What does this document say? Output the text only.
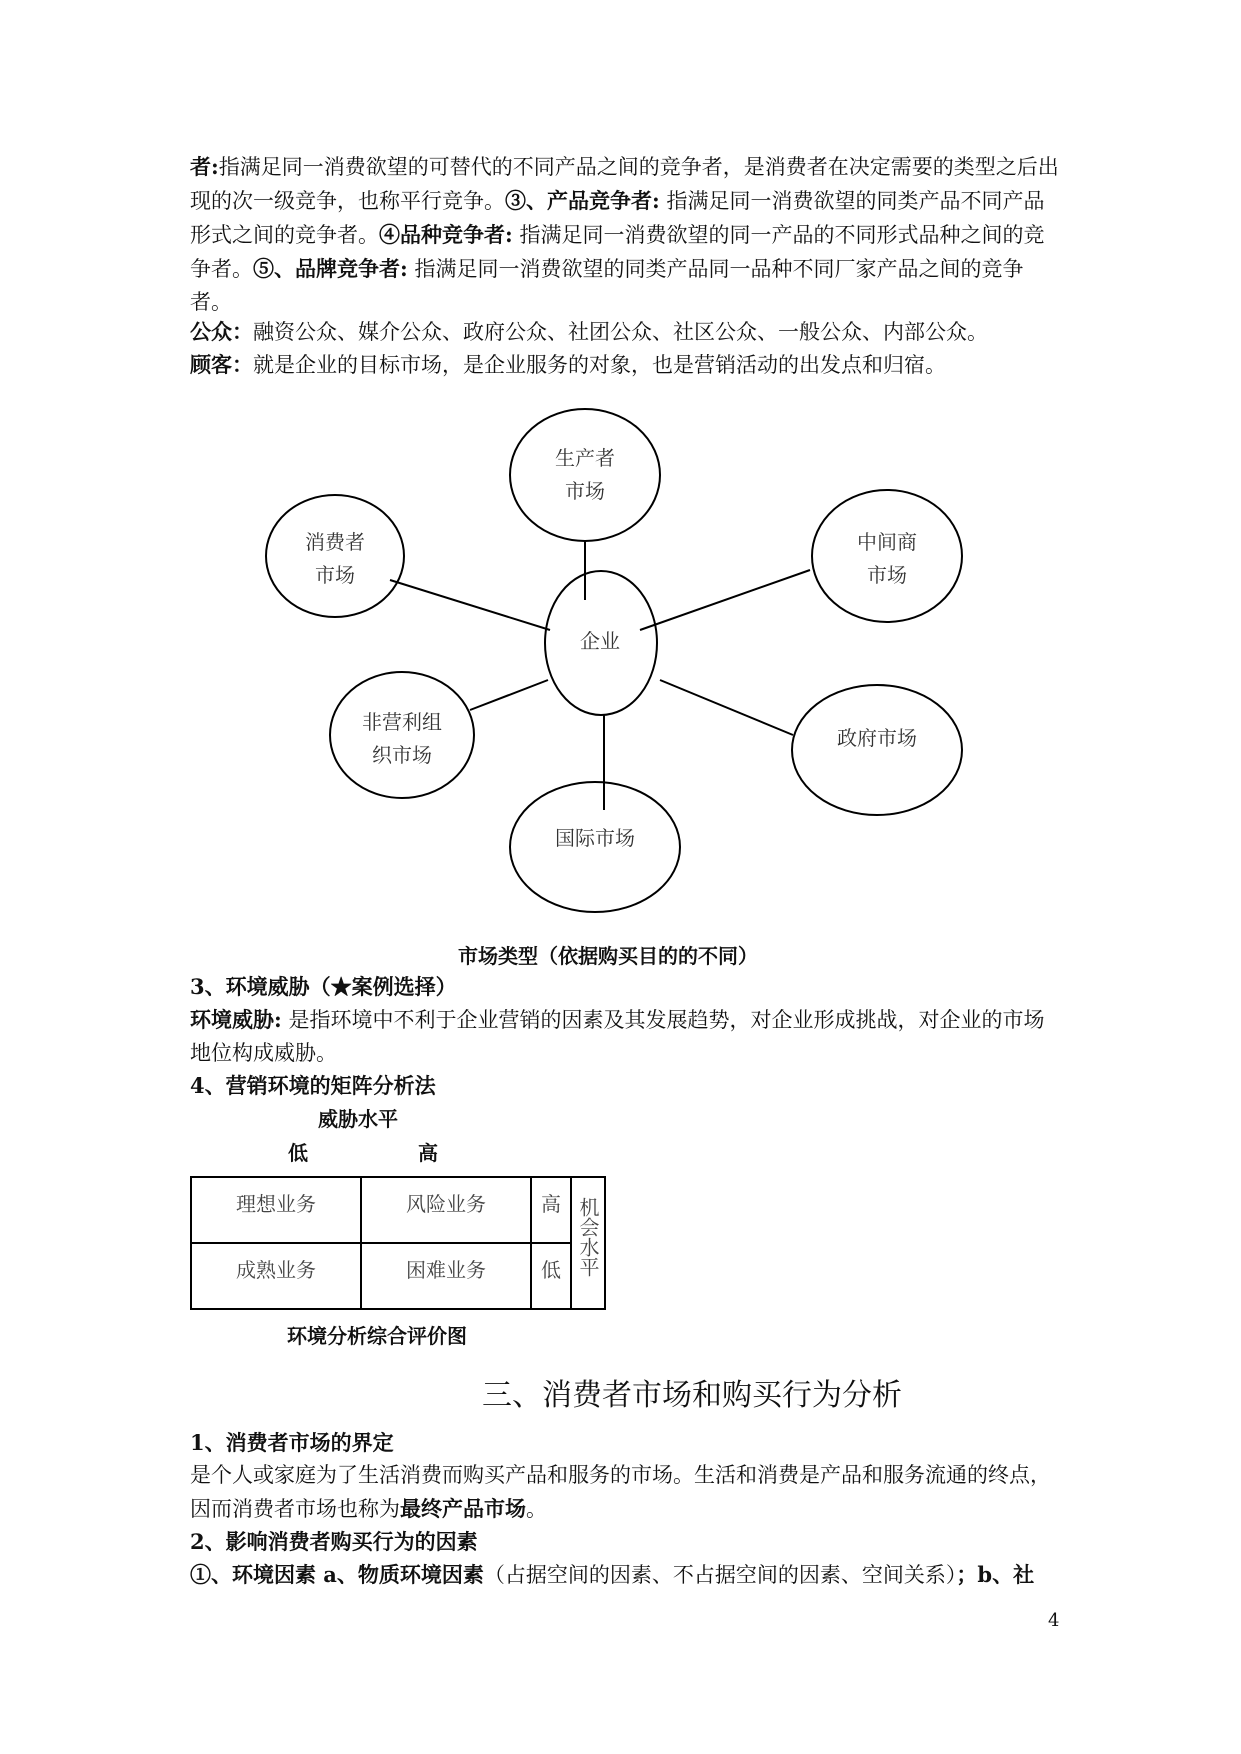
者:指满足同一消费欲望的可替代的不同产品之间的竞争者，是消费者在决定需要的类型之后出现的次一级竞争，也称平行竞争。③、产品竞争者: 指满足同一消费欲望的同类产品不同产品形式之间的竞争者。④品种竞争者: 指满足同一消费欲望的同一产品的不同形式品种之间的竞争者。⑤、品牌竞争者: 指满足同一消费欲望的同类产品同一品种不同厂家产品之间的竞争者。
公众：融资公众、媒介公众、政府公众、社团公众、社区公众、一般公众、内部公众。
顾客：就是企业的目标市场，是企业服务的对象，也是营销活动的出发点和归宿。
生产者
市场
消费者
市场
中间商
市场
企业
非营利组
织市场
政府市场
国际市场
市场类型（依据购买目的的不同）
3、环境威胁（★案例选择）
环境威胁: 是指环境中不利于企业营销的因素及其发展趋势，对企业形成挑战，对企业的市场地位构成威胁。
4、营销环境的矩阵分析法
威胁水平
低	高
理想业务	风险业务	高	机会水平

成熟业务	困难业务	低	
环境分析综合评价图
三、消费者市场和购买行为分析
1、消费者市场的界定
是个人或家庭为了生活消费而购买产品和服务的市场。生活和消费是产品和服务流通的终点，因而消费者市场也称为最终产品市场。
2、影响消费者购买行为的因素
①、环境因素 a、物质环境因素（占据空间的因素、不占据空间的因素、空间关系）；b、社
4
